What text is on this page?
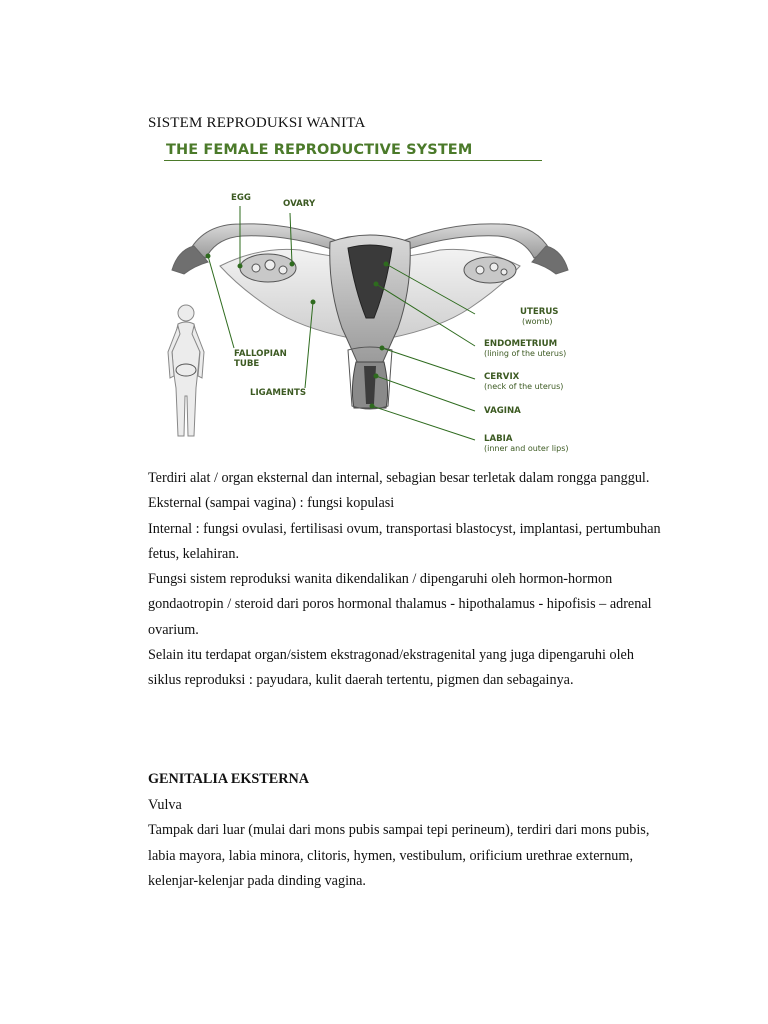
SISTEM REPRODUKSI WANITA
THE FEMALE REPRODUCTIVE SYSTEM
EGG
OVARY
FALLOPIAN
TUBE
LIGAMENTS
UTERUS
(womb)
ENDOMETRIUM
(lining of the uterus)
CERVIX
(neck of the uterus)
VAGINA
LABIA
(inner and outer lips)

Terdiri alat / organ eksternal dan internal, sebagian besar terletak dalam rongga panggul.

Eksternal (sampai vagina) : fungsi kopulasi

Internal : fungsi ovulasi, fertilisasi ovum, transportasi blastocyst, implantasi, pertumbuhan fetus, kelahiran.

Fungsi sistem reproduksi wanita dikendalikan / dipengaruhi oleh hormon-hormon gondaotropin / steroid dari poros hormonal thalamus - hipothalamus - hipofisis – adrenal ovarium.

Selain itu terdapat organ/sistem ekstragonad/ekstragenital yang juga dipengaruhi oleh siklus reproduksi : payudara, kulit daerah tertentu, pigmen dan sebagainya.

GENITALIA EKSTERNA

Vulva

Tampak dari luar (mulai dari mons pubis sampai tepi perineum), terdiri dari mons pubis, labia mayora, labia minora, clitoris, hymen, vestibulum, orificium urethrae externum, kelenjar-kelenjar pada dinding vagina.
